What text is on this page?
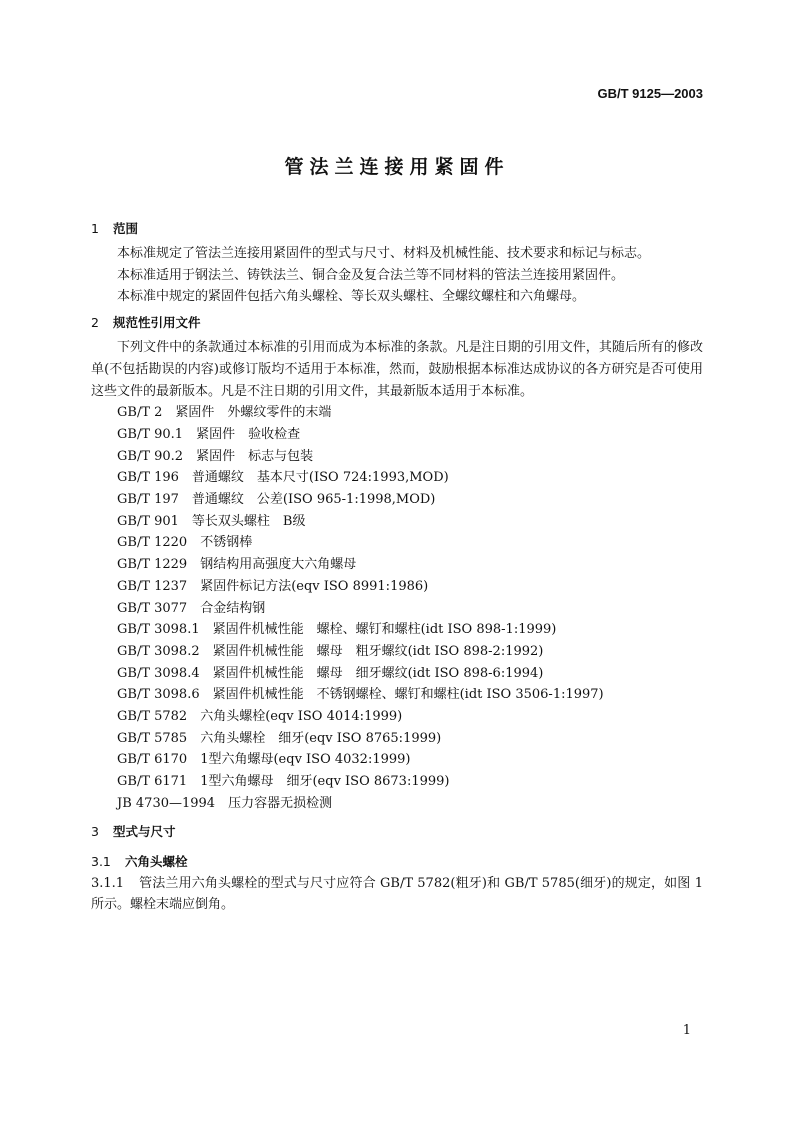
GB/T 9125—2003
管法兰连接用紧固件
1 范围

本标准规定了管法兰连接用紧固件的型式与尺寸、材料及机械性能、技术要求和标记与标志。

本标准适用于钢法兰、铸铁法兰、铜合金及复合法兰等不同材料的管法兰连接用紧固件。

本标准中规定的紧固件包括六角头螺栓、等长双头螺柱、全螺纹螺柱和六角螺母。

2 规范性引用文件

下列文件中的条款通过本标准的引用而成为本标准的条款。凡是注日期的引用文件，其随后所有的修改单(不包括勘误的内容)或修订版均不适用于本标准，然而，鼓励根据本标准达成协议的各方研究是否可使用这些文件的最新版本。凡是不注日期的引用文件，其最新版本适用于本标准。

GB/T 2　紧固件　外螺纹零件的末端
GB/T 90.1　紧固件　验收检查
GB/T 90.2　紧固件　标志与包装
GB/T 196　普通螺纹　基本尺寸(ISO 724:1993,MOD)
GB/T 197　普通螺纹　公差(ISO 965-1:1998,MOD)
GB/T 901　等长双头螺柱　B级
GB/T 1220　不锈钢棒
GB/T 1229　钢结构用高强度大六角螺母
GB/T 1237　紧固件标记方法(eqv ISO 8991:1986)
GB/T 3077　合金结构钢
GB/T 3098.1　紧固件机械性能　螺栓、螺钉和螺柱(idt ISO 898-1:1999)
GB/T 3098.2　紧固件机械性能　螺母　粗牙螺纹(idt ISO 898-2:1992)
GB/T 3098.4　紧固件机械性能　螺母　细牙螺纹(idt ISO 898-6:1994)
GB/T 3098.6　紧固件机械性能　不锈钢螺栓、螺钉和螺柱(idt ISO 3506-1:1997)
GB/T 5782　六角头螺栓(eqv ISO 4014:1999)
GB/T 5785　六角头螺栓　细牙(eqv ISO 8765:1999)
GB/T 6170　1型六角螺母(eqv ISO 4032:1999)
GB/T 6171　1型六角螺母　细牙(eqv ISO 8673:1999)
JB 4730—1994　压力容器无损检测
3 型式与尺寸
3.1 六角头螺栓

3.1.1 管法兰用六角头螺栓的型式与尺寸应符合 GB/T 5782(粗牙)和 GB/T 5785(细牙)的规定，如图 1 所示。螺栓末端应倒角。

1
